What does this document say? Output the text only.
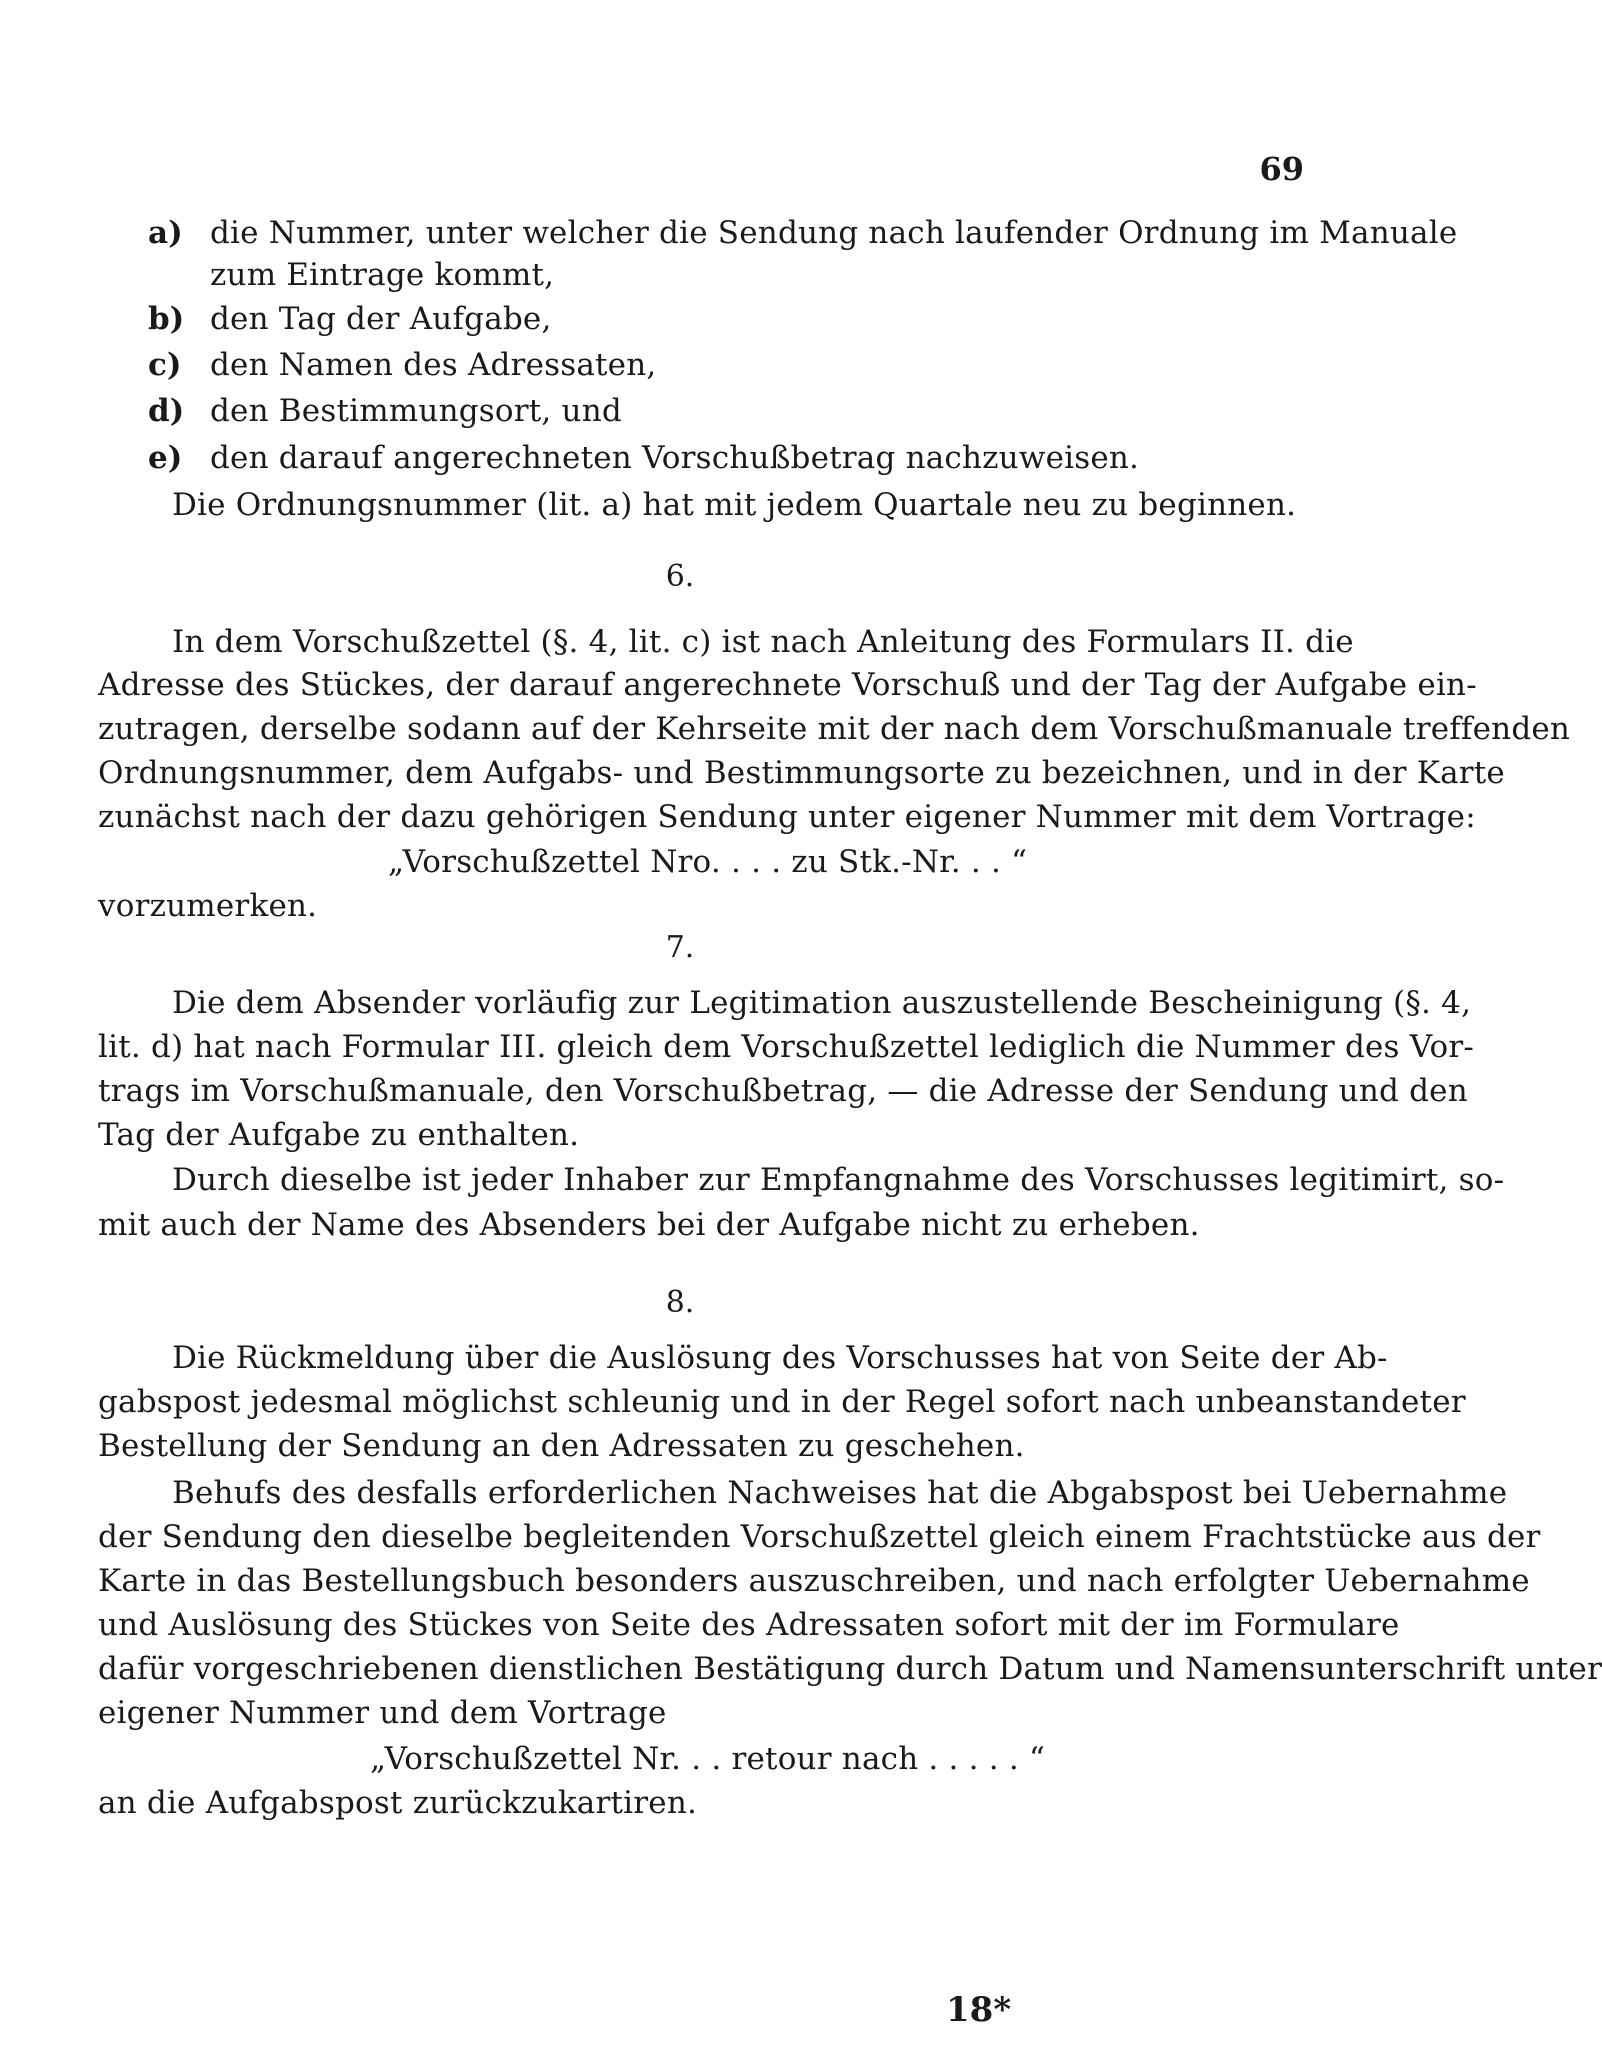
69
a) die Nummer, unter welcher die Sendung nach laufender Ordnung im Manuale
zum Eintrage kommt,
b) den Tag der Aufgabe,
c) den Namen des Adressaten,
d) den Bestimmungsort, und
e) den darauf angerechneten Vorschußbetrag nachzuweisen.
Die Ordnungsnummer (lit. a) hat mit jedem Quartale neu zu beginnen.
6.
In dem Vorschußzettel (§. 4, lit. c) ist nach Anleitung des Formulars II. die
Adresse des Stückes, der darauf angerechnete Vorschuß und der Tag der Aufgabe ein-
zutragen, derselbe sodann auf der Kehrseite mit der nach dem Vorschußmanuale treffenden
Ordnungsnummer, dem Aufgabs- und Bestimmungsorte zu bezeichnen, und in der Karte
zunächst nach der dazu gehörigen Sendung unter eigener Nummer mit dem Vortrage:
„Vorschußzettel Nro. . . . zu Stk.-Nr. . . “
vorzumerken.
7.
Die dem Absender vorläufig zur Legitimation auszustellende Bescheinigung (§. 4,
lit. d) hat nach Formular III. gleich dem Vorschußzettel lediglich die Nummer des Vor-
trags im Vorschußmanuale, den Vorschußbetrag, — die Adresse der Sendung und den
Tag der Aufgabe zu enthalten.
Durch dieselbe ist jeder Inhaber zur Empfangnahme des Vorschusses legitimirt, so-
mit auch der Name des Absenders bei der Aufgabe nicht zu erheben.
8.
Die Rückmeldung über die Auslösung des Vorschusses hat von Seite der Ab-
gabspost jedesmal möglichst schleunig und in der Regel sofort nach unbeanstandeter
Bestellung der Sendung an den Adressaten zu geschehen.
Behufs des desfalls erforderlichen Nachweises hat die Abgabspost bei Uebernahme
der Sendung den dieselbe begleitenden Vorschußzettel gleich einem Frachtstücke aus der
Karte in das Bestellungsbuch besonders auszuschreiben, und nach erfolgter Uebernahme
und Auslösung des Stückes von Seite des Adressaten sofort mit der im Formulare
dafür vorgeschriebenen dienstlichen Bestätigung durch Datum und Namensunterschrift unter
eigener Nummer und dem Vortrage
„Vorschußzettel Nr. . . retour nach . . . . . “
an die Aufgabspost zurückzukartiren.
18*
